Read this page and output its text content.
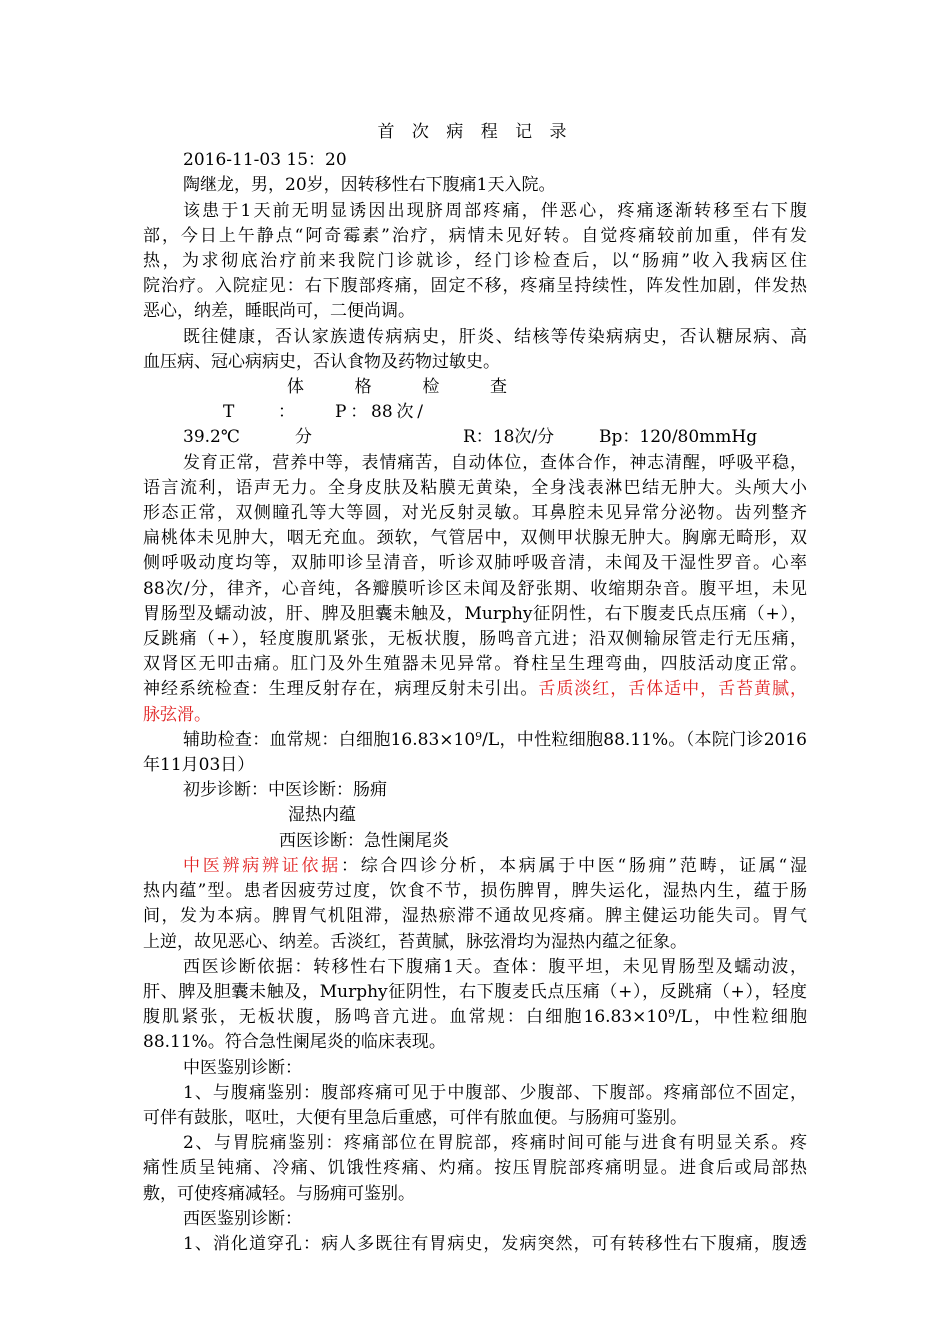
首 次 病 程 记 录

2016-11-03 15：20

陶继龙，男，20岁，因转移性右下腹痛1天入院。

该患于1天前无明显诱因出现脐周部疼痛，伴恶心，疼痛逐渐转移至右下腹

部，今日上午静点“阿奇霉素”治疗，病情未见好转。自觉疼痛较前加重，伴有发

热，为求彻底治疗前来我院门诊就诊，经门诊检查后，以“肠痈”收入我病区住

院治疗。入院症见：右下腹部疼痛，固定不移，疼痛呈持续性，阵发性加剧，伴发热

恶心，纳差，睡眠尚可，二便尚调。

既往健康，否认家族遗传病病史，肝炎、结核等传染病病史，否认糖尿病、高

血压病、冠心病病史，否认食物及药物过敏史。

体	格	检	查

T：39.2℃P：88次/分	R：18次/分	Bp：120/80mmHg

发育正常，营养中等，表情痛苦，自动体位，查体合作，神志清醒，呼吸平稳，

语言流利，语声无力。全身皮肤及粘膜无黄染，全身浅表淋巴结无肿大。头颅大小

形态正常，双侧瞳孔等大等圆，对光反射灵敏。耳鼻腔未见异常分泌物。齿列整齐

扁桃体未见肿大，咽无充血。颈软，气管居中，双侧甲状腺无肿大。胸廓无畸形，双

侧呼吸动度均等，双肺叩诊呈清音，听诊双肺呼吸音清，未闻及干湿性罗音。心率

88次/分，律齐，心音纯，各瓣膜听诊区未闻及舒张期、收缩期杂音。腹平坦，未见

胃肠型及蠕动波，肝、脾及胆囊未触及，Murphy征阴性，右下腹麦氏点压痛（+），

反跳痛（+），轻度腹肌紧张，无板状腹，肠鸣音亢进；沿双侧输尿管走行无压痛，

双肾区无叩击痛。肛门及外生殖器未见异常。脊柱呈生理弯曲，四肢活动度正常。

神经系统检查：生理反射存在，病理反射未引出。舌质淡红，舌体适中，舌苔黄腻，

脉弦滑。

辅助检查：血常规：白细胞$16.83\times 10^9/L$，中性粒细胞88.11%。（本院门诊2016

年11月03日）

初步诊断：中医诊断：肠痈

湿热内蕴

西医诊断：急性阑尾炎

中医辨病辨证依据：综合四诊分析，本病属于中医“肠痈”范畴，证属“湿

热内蕴”型。患者因疲劳过度，饮食不节，损伤脾胃，脾失运化，湿热内生，蕴于肠

间，发为本病。脾胃气机阻滞，湿热瘀滞不通故见疼痛。脾主健运功能失司。胃气

上逆，故见恶心、纳差。舌淡红，苔黄腻，脉弦滑均为湿热内蕴之征象。

西医诊断依据：转移性右下腹痛1天。查体：腹平坦，未见胃肠型及蠕动波，

肝、脾及胆囊未触及，Murphy征阴性，右下腹麦氏点压痛（+），反跳痛（+），轻度

腹肌紧张，无板状腹，肠鸣音亢进。血常规：白细胞$16.83\times 10^9/L$，中性粒细胞

88.11%。符合急性阑尾炎的临床表现。

中医鉴别诊断：

1、与腹痛鉴别：腹部疼痛可见于中腹部、少腹部、下腹部。疼痛部位不固定，

可伴有鼓胀，呕吐，大便有里急后重感，可伴有脓血便。与肠痈可鉴别。

2、与胃脘痛鉴别：疼痛部位在胃脘部，疼痛时间可能与进食有明显关系。疼

痛性质呈钝痛、冷痛、饥饿性疼痛、灼痛。按压胃脘部疼痛明显。进食后或局部热

敷，可使疼痛减轻。与肠痈可鉴别。

西医鉴别诊断：

1、消化道穿孔：病人多既往有胃病史，发病突然，可有转移性右下腹痛，腹透
